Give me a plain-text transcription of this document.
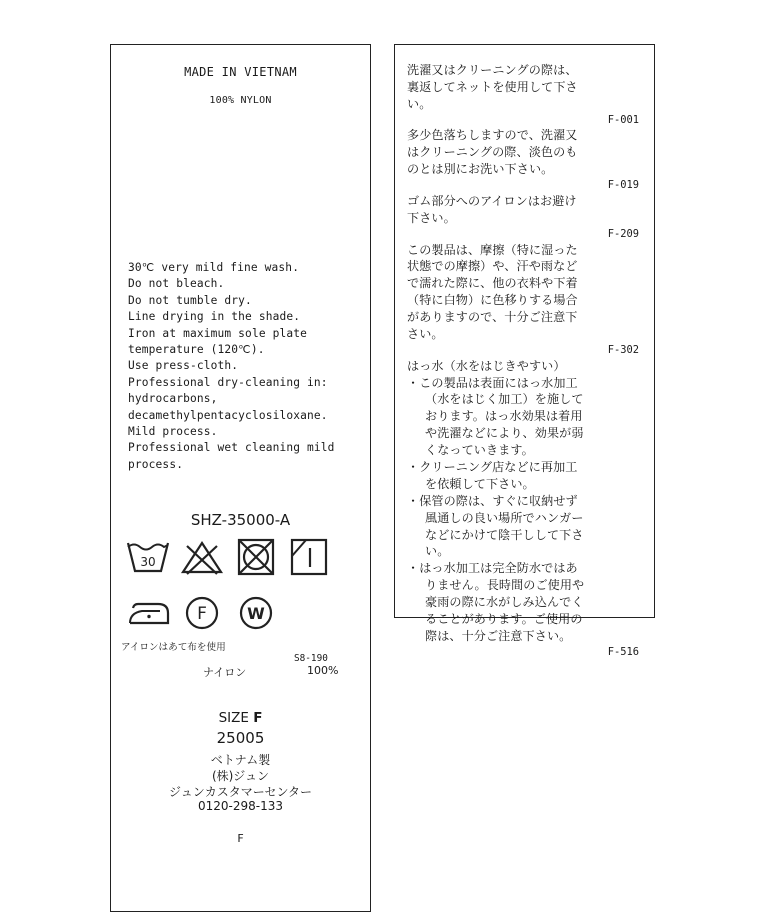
MADE IN VIETNAM
100% NYLON
30℃ very mild fine wash.
Do not bleach.
Do not tumble dry.
Line drying in the shade.
Iron at maximum sole plate
temperature (120℃).
Use press-cloth.
Professional dry-cleaning in:
hydrocarbons,
decamethylpentacyclosiloxane.
Mild process.
Professional wet cleaning mild
process.
SHZ-35000-A
30
F	W
アイロンはあて布を使用
S8-190
ナイロン	100%
SIZE F
25005
ベトナム製
(株)ジュン
ジュンカスタマーセンター
0120-298-133
F
洗濯又はクリーニングの際は、
裏返してネットを使用して下さ
い。
F-001
多少色落ちしますので、洗濯又
はクリーニングの際、淡色のも
のとは別にお洗い下さい。
F-019
ゴム部分へのアイロンはお避け
下さい。
F-209
この製品は、摩擦（特に湿った
状態での摩擦）や、汗や雨など
で濡れた際に、他の衣料や下着
（特に白物）に色移りする場合
がありますので、十分ご注意下
さい。
F-302
はっ水（水をはじきやすい）
・この製品は表面にはっ水加工
（水をはじく加工）を施して
おります。はっ水効果は着用
や洗濯などにより、効果が弱
くなっていきます。
・クリーニング店などに再加工
を依頼して下さい。
・保管の際は、すぐに収納せず
風通しの良い場所でハンガー
などにかけて陰干しして下さ
い。
・はっ水加工は完全防水ではあ
りません。長時間のご使用や
豪雨の際に水がしみ込んでく
ることがあります。ご使用の
際は、十分ご注意下さい。
F-516
